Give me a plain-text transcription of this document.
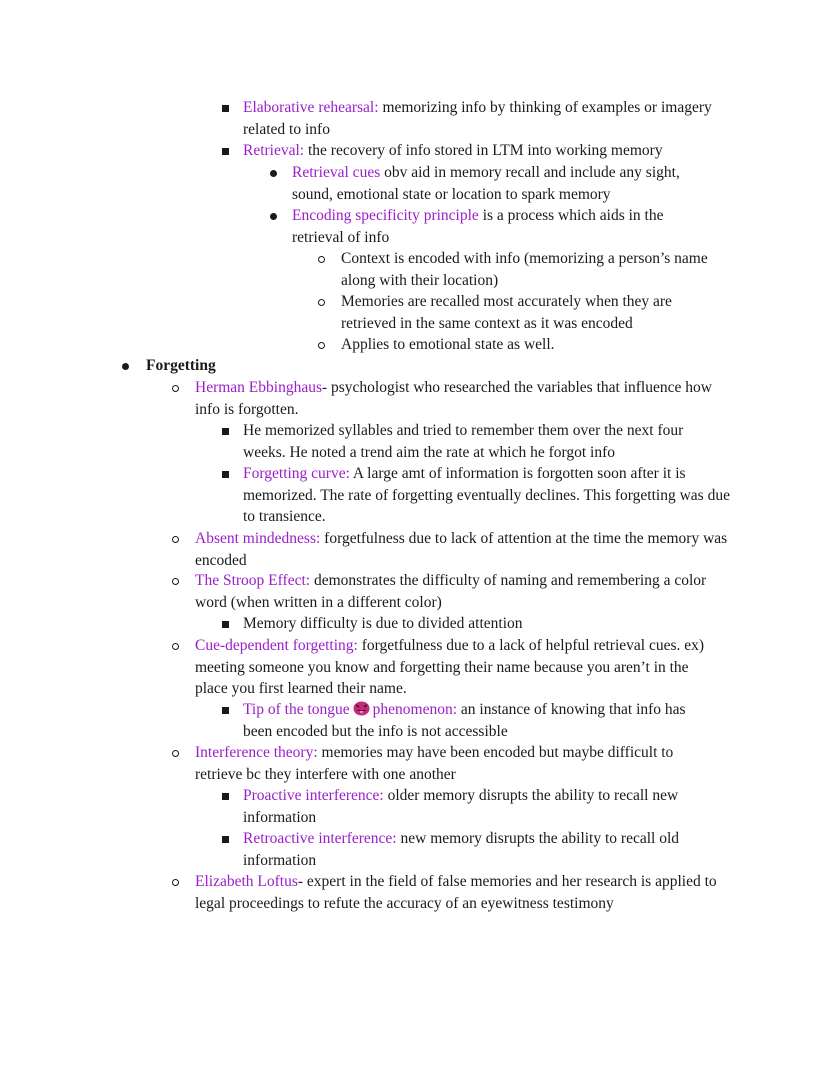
Elaborative rehearsal: memorizing info by thinking of examples or imagery related to info
Retrieval: the recovery of info stored in LTM into working memory
Retrieval cues obv aid in memory recall and include any sight, sound, emotional state or location to spark memory
Encoding specificity principle is a process which aids in the retrieval of info
Context is encoded with info (memorizing a person’s name along with their location)
Memories are recalled most accurately when they are retrieved in the same context as it was encoded
Applies to emotional state as well.
Forgetting
Herman Ebbinghaus- psychologist who researched the variables that influence how info is forgotten.
He memorized syllables and tried to remember them over the next four weeks. He noted a trend aim the rate at which he forgot info
Forgetting curve: A large amt of information is forgotten soon after it is memorized. The rate of forgetting eventually declines. This forgetting was due to transience.
Absent mindedness: forgetfulness due to lack of attention at the time the memory was encoded
The Stroop Effect: demonstrates the difficulty of naming and remembering a color word (when written in a different color)
Memory difficulty is due to divided attention
Cue-dependent forgetting: forgetfulness due to a lack of helpful retrieval cues. ex) meeting someone you know and forgetting their name because you aren’t in the place you first learned their name.
Tip of the tongue phenomenon: an instance of knowing that info has been encoded but the info is not accessible
Interference theory: memories may have been encoded but maybe difficult to retrieve bc they interfere with one another
Proactive interference: older memory disrupts the ability to recall new information
Retroactive interference: new memory disrupts the ability to recall old information
Elizabeth Loftus- expert in the field of false memories and her research is applied to legal proceedings to refute the accuracy of an eyewitness testimony
